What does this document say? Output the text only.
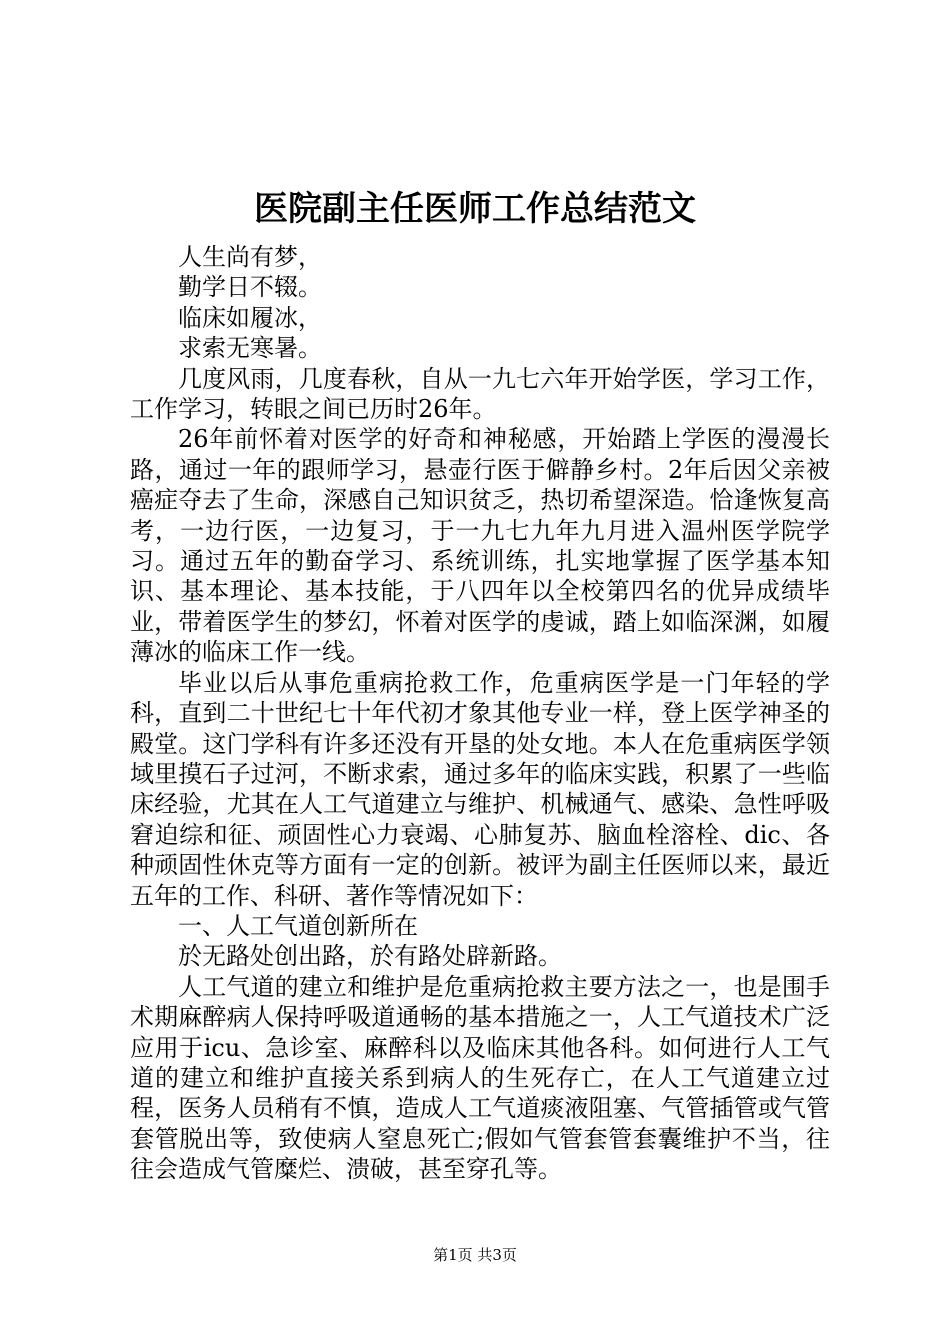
医院副主任医师工作总结范文

人生尚有梦，

勤学日不辍。

临床如履冰，

求索无寒暑。

几度风雨，几度春秋，自从一九七六年开始学医，学习工作，工作学习，转眼之间已历时26年。

26年前怀着对医学的好奇和神秘感，开始踏上学医的漫漫长路，通过一年的跟师学习，悬壶行医于僻静乡村。2年后因父亲被癌症夺去了生命，深感自己知识贫乏，热切希望深造。恰逢恢复高考，一边行医，一边复习，于一九七九年九月进入温州医学院学习。通过五年的勤奋学习、系统训练，扎实地掌握了医学基本知识、基本理论、基本技能，于八四年以全校第四名的优异成绩毕业，带着医学生的梦幻，怀着对医学的虔诚，踏上如临深渊，如履薄冰的临床工作一线。

毕业以后从事危重病抢救工作，危重病医学是一门年轻的学科，直到二十世纪七十年代初才象其他专业一样，登上医学神圣的殿堂。这门学科有许多还没有开垦的处女地。本人在危重病医学领域里摸石子过河，不断求索，通过多年的临床实践，积累了一些临床经验，尤其在人工气道建立与维护、机械通气、感染、急性呼吸窘迫综和征、顽固性心力衰竭、心肺复苏、脑血栓溶栓、dic、各种顽固性休克等方面有一定的创新。被评为副主任医师以来，最近五年的工作、科研、著作等情况如下：

一、人工气道创新所在

於无路处创出路，於有路处辟新路。

人工气道的建立和维护是危重病抢救主要方法之一，也是围手术期麻醉病人保持呼吸道通畅的基本措施之一，人工气道技术广泛应用于icu、急诊室、麻醉科以及临床其他各科。如何进行人工气道的建立和维护直接关系到病人的生死存亡，在人工气道建立过程，医务人员稍有不慎，造成人工气道痰液阻塞、气管插管或气管套管脱出等，致使病人窒息死亡;假如气管套管套囊维护不当，往往会造成气管糜烂、溃破，甚至穿孔等。

第1页 共3页
